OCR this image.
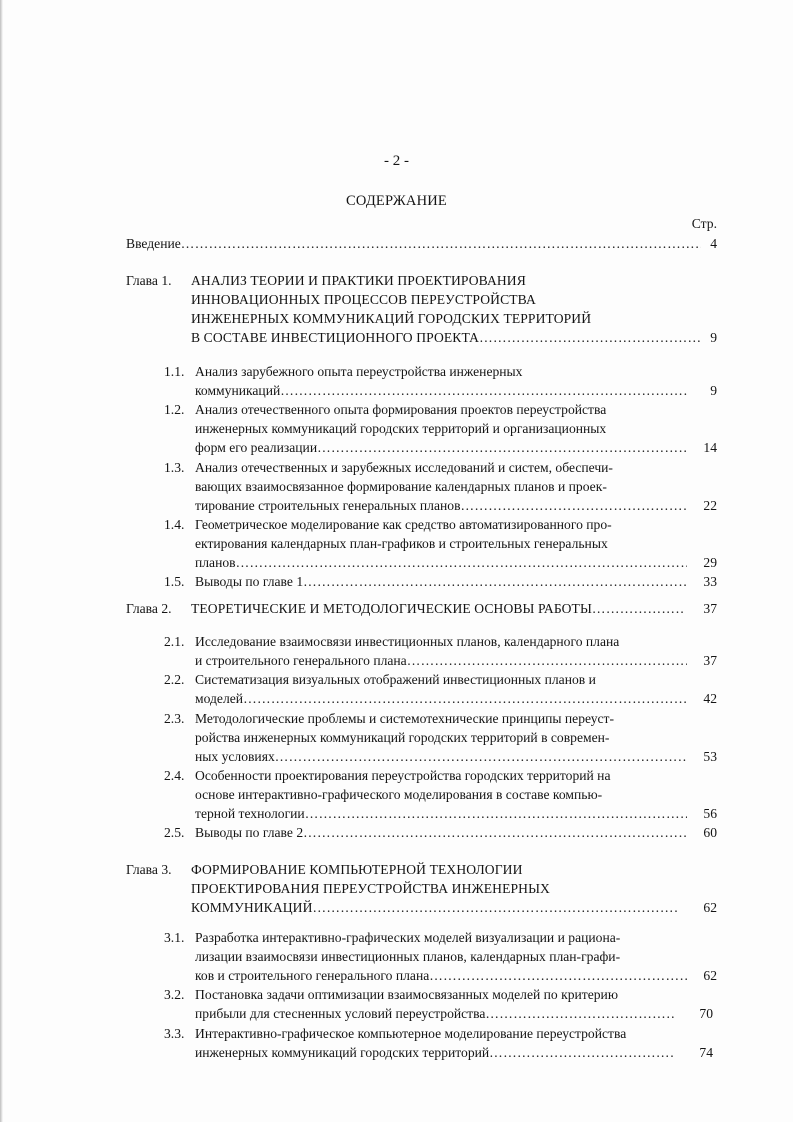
- 2 -
СОДЕРЖАНИЕ
Стр.
Введение …………………………………………………………………………………………………………………………………………………………………………………………………………………………………………………………	4
Глава 1. АНАЛИЗ ТЕОРИИ И ПРАКТИКИ ПРОЕКТИРОВАНИЯ
ИННОВАЦИОННЫХ ПРОЦЕССОВ ПЕРЕУСТРОЙСТВА
ИНЖЕНЕРНЫХ КОММУНИКАЦИЙ ГОРОДСКИХ ТЕРРИТОРИЙ
В СОСТАВЕ ИНВЕСТИЦИОННОГО ПРОЕКТА …………………………………………………………………………………………………………………………………………………………………………………………………………………………………………………………	9
1.1. Анализ зарубежного опыта переустройства инженерных
коммуникаций …………………………………………………………………………………………………………………………………………………………………………………………………………………………………………………………	9
1.2. Анализ отечественного опыта формирования проектов переустройства
инженерных коммуникаций городских территорий и организационных
форм его реализации …………………………………………………………………………………………………………………………………………………………………………………………………………………………………………………………	14
1.3. Анализ отечественных и зарубежных исследований и систем, обеспечи-
вающих взаимосвязанное формирование календарных планов и проек-
тирование строительных генеральных планов …………………………………………………………………………………………………………………………………………………………………………………………………………………………………………………………	22
1.4. Геометрическое моделирование как средство автоматизированного про-
ектирования календарных план-графиков и строительных генеральных
планов …………………………………………………………………………………………………………………………………………………………………………………………………………………………………………………………	29
1.5. Выводы по главе 1 …………………………………………………………………………………………………………………………………………………………………………………………………………………………………………………………	33
Глава 2. ТЕОРЕТИЧЕСКИЕ И МЕТОДОЛОГИЧЕСКИЕ ОСНОВЫ РАБОТЫ …………………………………………………………………………………………………………………………………………………………………………………………………………………………………………………………	37
2.1. Исследование взаимосвязи инвестиционных планов, календарного плана
и строительного генерального плана …………………………………………………………………………………………………………………………………………………………………………………………………………………………………………………………	37
2.2. Систематизация визуальных отображений инвестиционных планов и
моделей …………………………………………………………………………………………………………………………………………………………………………………………………………………………………………………………	42
2.3. Методологические проблемы и системотехнические принципы переуст-
ройства инженерных коммуникаций городских территорий в современ-
ных условиях …………………………………………………………………………………………………………………………………………………………………………………………………………………………………………………………	53
2.4. Особенности проектирования переустройства городских территорий на
основе интерактивно-графического моделирования в составе компью-
терной технологии …………………………………………………………………………………………………………………………………………………………………………………………………………………………………………………………	56
2.5. Выводы по главе 2 …………………………………………………………………………………………………………………………………………………………………………………………………………………………………………………………	60
Глава 3. ФОРМИРОВАНИЕ КОМПЬЮТЕРНОЙ ТЕХНОЛОГИИ
ПРОЕКТИРОВАНИЯ ПЕРЕУСТРОЙСТВА ИНЖЕНЕРНЫХ
КОММУНИКАЦИЙ …………………………………………………………………………………………………………………………………………………………………………………………………………………………………………………………	62
3.1. Разработка интерактивно-графических моделей визуализации и рациона-
лизации взаимосвязи инвестиционных планов, календарных план-графи-
ков и строительного генерального плана …………………………………………………………………………………………………………………………………………………………………………………………………………………………………………………………	62
3.2. Постановка задачи оптимизации взаимосвязанных моделей по критерию
прибыли для стесненных условий переустройства …………………………………………………………………………………………………………………………………………………………………………………………………………………………………………………………	70
3.3. Интерактивно-графическое компьютерное моделирование переустройства
инженерных коммуникаций городских территорий …………………………………………………………………………………………………………………………………………………………………………………………………………………………………………………………	74
